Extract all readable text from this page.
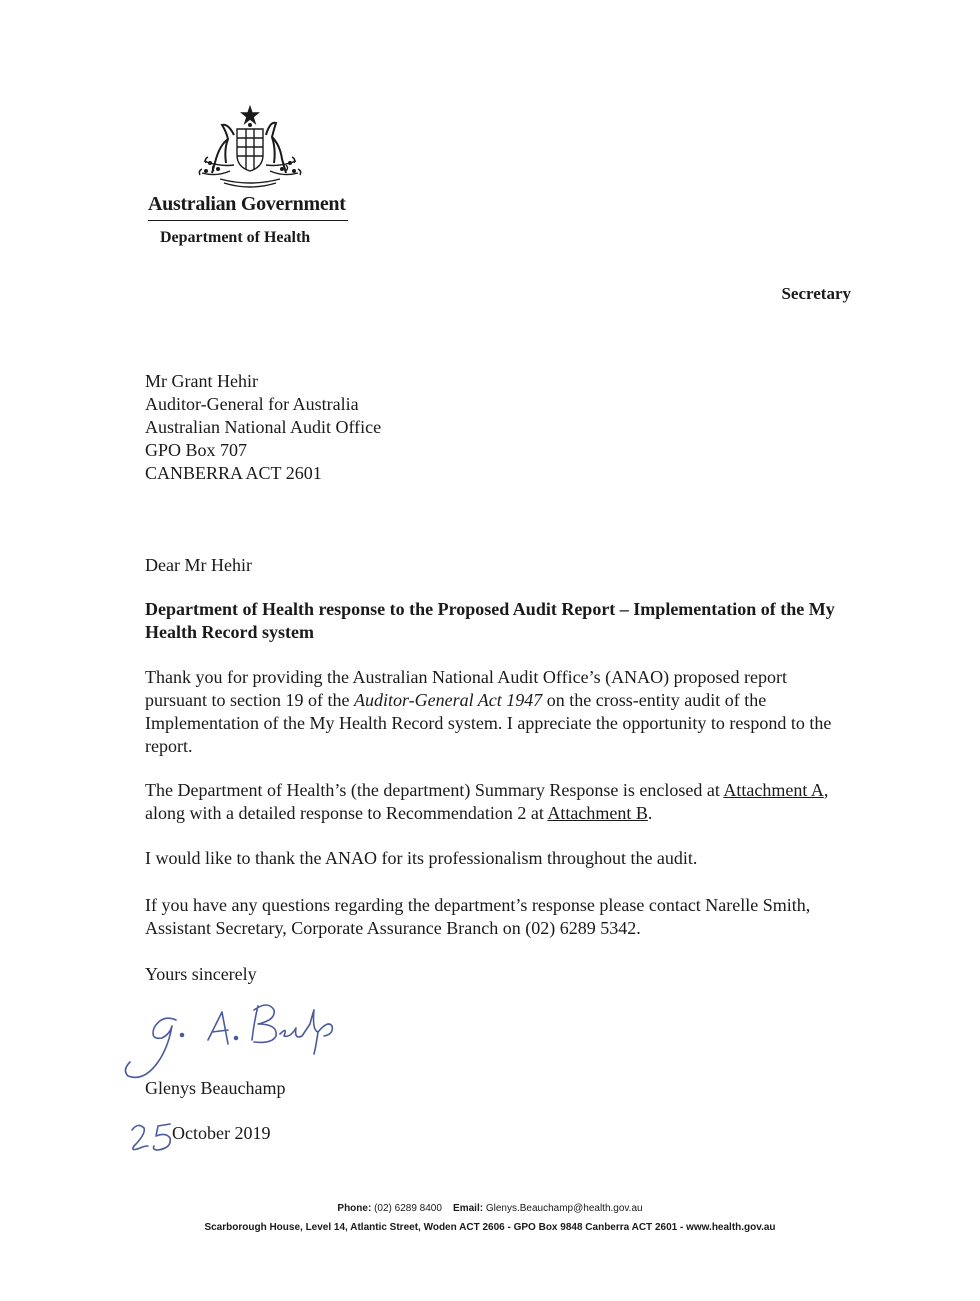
Australian Government
Department of Health
Secretary
Mr Grant Hehir
Auditor-General for Australia
Australian National Audit Office
GPO Box 707
CANBERRA ACT 2601
Dear Mr Hehir
Department of Health response to the Proposed Audit Report – Implementation of the My Health Record system
Thank you for providing the Australian National Audit Office’s (ANAO) proposed report pursuant to section 19 of the Auditor-General Act 1947 on the cross-entity audit of the Implementation of the My Health Record system. I appreciate the opportunity to respond to the report.
The Department of Health’s (the department) Summary Response is enclosed at Attachment A, along with a detailed response to Recommendation 2 at Attachment B.
I would like to thank the ANAO for its professionalism throughout the audit.
If you have any questions regarding the department’s response please contact Narelle Smith, Assistant Secretary, Corporate Assurance Branch on (02) 6289 5342.
Yours sincerely
Glenys Beauchamp
October 2019
Phone: (02) 6289 8400 Email: Glenys.Beauchamp@health.gov.au
Scarborough House, Level 14, Atlantic Street, Woden ACT 2606 - GPO Box 9848 Canberra ACT 2601 - www.health.gov.au
